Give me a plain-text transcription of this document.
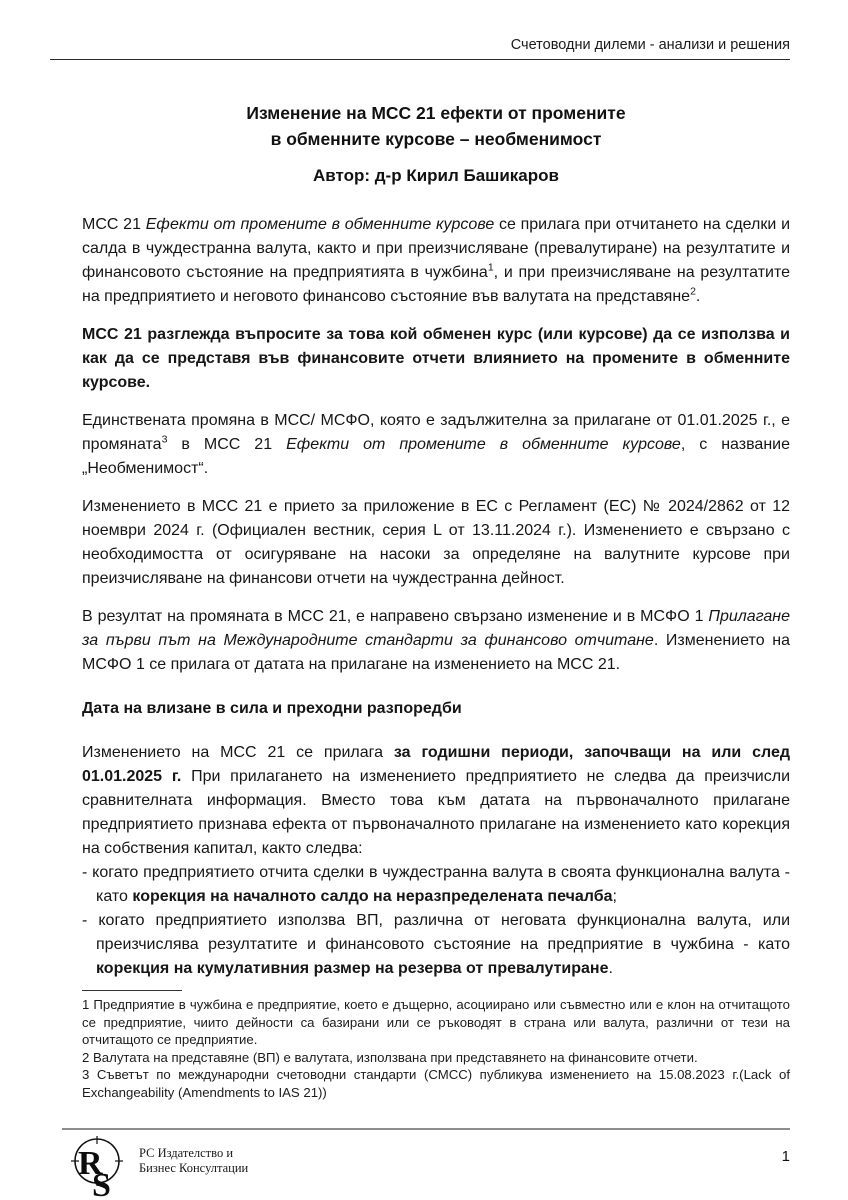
Счетоводни дилеми - анализи и решения
Изменение на МСС 21 ефекти от промените
в обменните курсове – необменимост
Автор: д-р Кирил Башикаров
МСС 21 Ефекти от промените в обменните курсове се прилага при отчитането на сделки и салда в чуждестранна валута, както и при преизчисляване (превалутиране) на резултатите и финансовото състояние на предприятията в чужбина$^1$, и при преизчисляване на резултатите на предприятието и неговото финансово състояние във валутата на представяне$^2$.
МСС 21 разглежда въпросите за това кой обменен курс (или курсове) да се използва и как да се представя във финансовите отчети влиянието на промените в обменните курсове.
Единствената промяна в МСС/ МСФО, която е задължителна за прилагане от 01.01.2025 г., е промяната$^3$ в МСС 21 Ефекти от промените в обменните курсове, с название „Необменимост“.
Изменението в МСС 21 е прието за приложение в ЕС с Регламент (ЕС) № 2024/2862 от 12 ноември 2024 г. (Официален вестник, серия L от 13.11.2024 г.). Изменението е свързано с необходимостта от осигуряване на насоки за определяне на валутните курсове при преизчисляване на финансови отчети на чуждестранна дейност.
В резултат на промяната в МСС 21, е направено свързано изменение и в МСФО 1 Прилагане за първи път на Международните стандарти за финансово отчитане. Изменението на МСФО 1 се прилага от датата на прилагане на изменението на МСС 21.
Дата на влизане в сила и преходни разпоредби
Изменението на МСС 21 се прилага за годишни периоди, започващи на или след 01.01.2025 г. При прилагането на изменението предприятието не следва да преизчисли сравнителната информация. Вместо това към датата на първоначалното прилагане предприятието признава ефекта от първоначалното прилагане на изменението като корекция на собствения капитал, както следва:
- когато предприятието отчита сделки в чуждестранна валута в своята функционална валута - като корекция на началното салдо на неразпределената печалба;
- когато предприятието използва ВП, различна от неговата функционална валута, или преизчислява резултатите и финансовото състояние на предприятие в чужбина - като корекция на кумулативния размер на резерва от превалутиране.
1 Предприятие в чужбина е предприятие, което е дъщерно, асоциирано или съвместно или е клон на отчитащото се предприятие, чиито дейности са базирани или се ръководят в страна или валута, различни от тези на отчитащото се предприятие.
2 Валутата на представяне (ВП) е валутата, използвана при представянето на финансовите отчети.
3 Съветът по международни счетоводни стандарти (СМСС) публикува изменението на 15.08.2023 г.(Lack of Exchangeability (Amendments to IAS 21))
R
S
РС Издателство и
Бизнес Консултации
1
